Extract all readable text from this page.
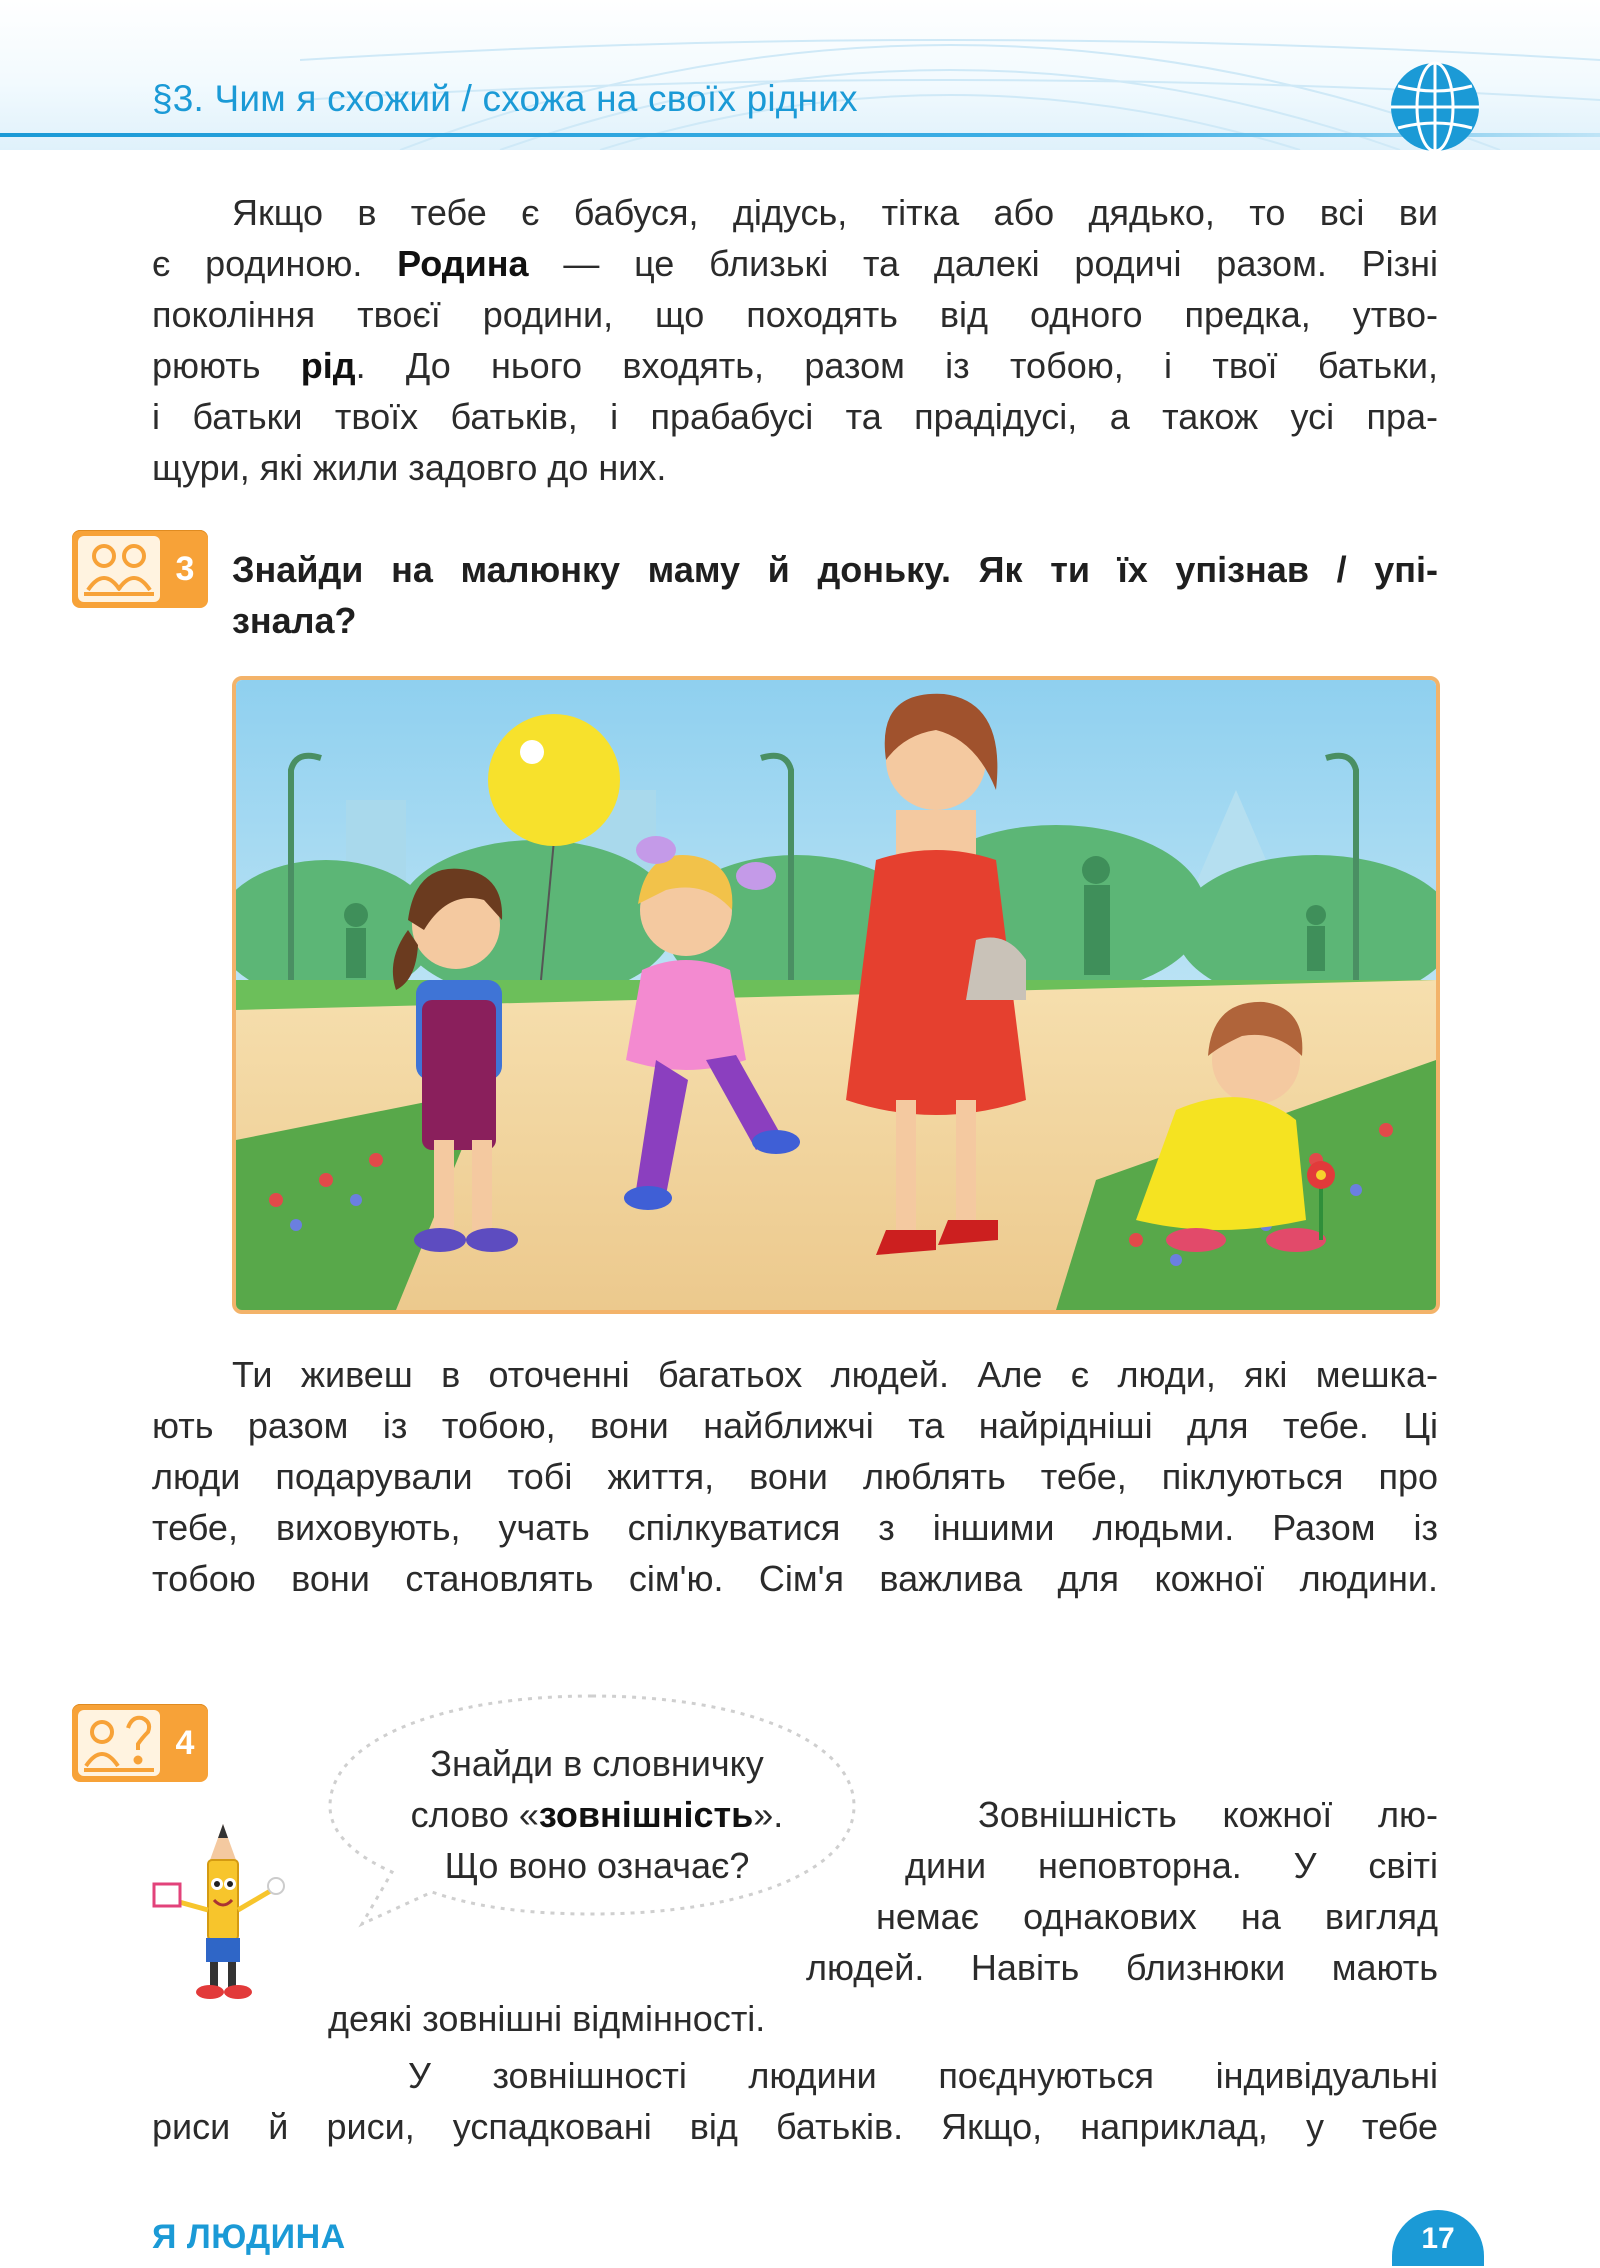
§3. Чим я схожий / схожа на своїх рідних
Якщо в тебе є бабуся, дідусь, тітка або дядько, то всі ви
є родиною. Родина — це близькі та далекі родичі разом. Різні
покоління твоєї родини, що походять від одного предка, утво-
рюють рід. До нього входять, разом із тобою, і твої батьки,
і батьки твоїх батьків, і прабабусі та прадідусі, а також усі пра-
щури, які жили задовго до них.
3 Знайди на малюнку маму й доньку. Як ти їх упізнав / упі-
знала?
Ти живеш в оточенні багатьох людей. Але є люди, які мешка-
ють разом із тобою, вони найближчі та найрідніші для тебе. Ці
люди подарували тобі життя, вони люблять тебе, піклуються про
тебе, виховують, учать спілкуватися з іншими людьми. Разом із
тобою вони становлять сім'ю. Сім'я важлива для кожної людини.
4	Знайди в словничку
слово «зовнішність».
Що воно означає?
Зовнішність кожної лю-
дини неповторна. У світі
немає однакових на вигляд
людей. Навіть близнюки мають
деякі зовнішні відмінності.
У зовнішності людини поєднуються індивідуальні
риси й риси, успадковані від батьків. Якщо, наприклад, у тебе
Я ЛЮДИНА	17
